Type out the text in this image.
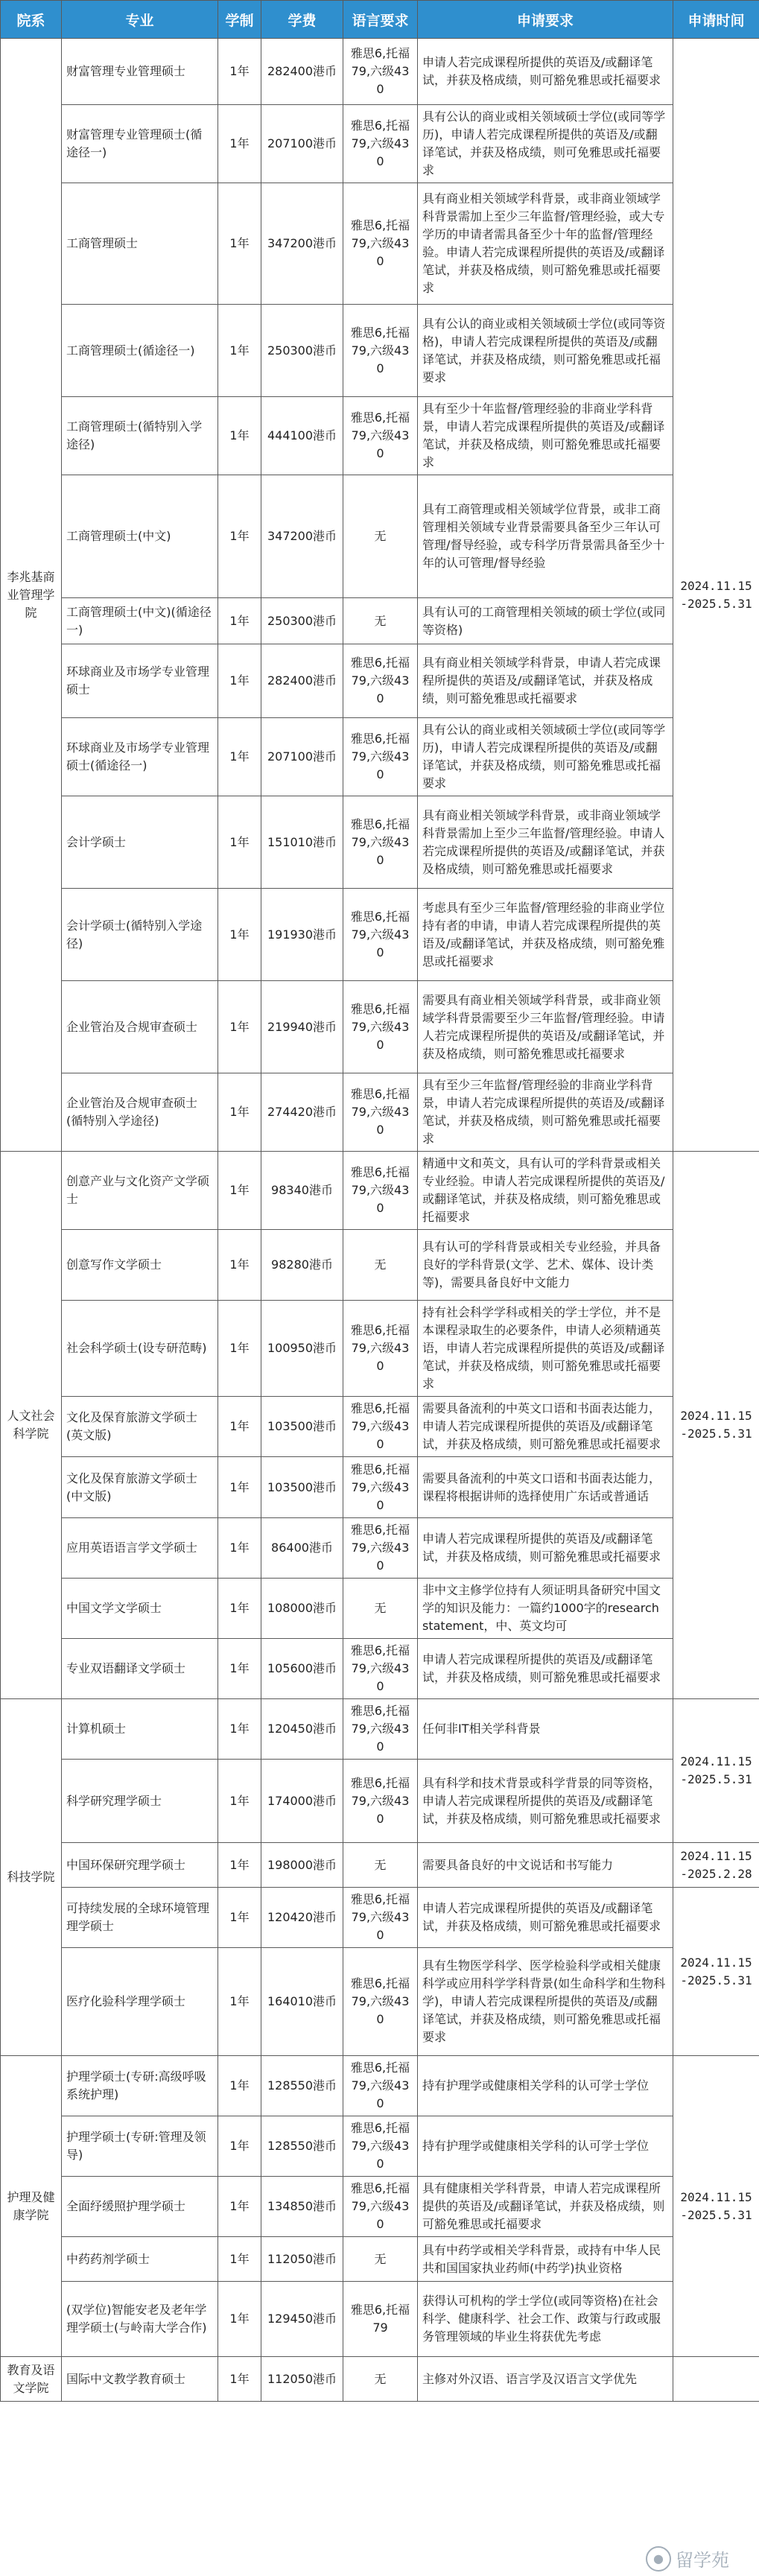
院系	专业	学制	学费	语言要求	申请要求	申请时间
李兆基商业管理学院	财富管理专业管理硕士	1年	282400港币	雅思6,托福79,六级430	申请人若完成课程所提供的英语及/或翻译笔试，并获及格成绩，则可豁免雅思或托福要求	2024.11.15-2025.5.31
	财富管理专业管理硕士(循途径一)	1年	207100港币	雅思6,托福79,六级430	具有公认的商业或相关领域硕士学位(或同等学历)，申请人若完成课程所提供的英语及/或翻译笔试，并获及格成绩，则可免雅思或托福要求	
	工商管理硕士	1年	347200港币	雅思6,托福79,六级430	具有商业相关领域学科背景，或非商业领域学科背景需加上至少三年监督/管理经验，或大专学历的申请者需具备至少十年的监督/管理经验。申请人若完成课程所提供的英语及/或翻译笔试，并获及格成绩，则可豁免雅思或托福要求	
	工商管理硕士(循途径一)	1年	250300港币	雅思6,托福79,六级430	具有公认的商业或相关领域硕士学位(或同等资格)，申请人若完成课程所提供的英语及/或翻译笔试，并获及格成绩，则可豁免雅思或托福要求	
	工商管理硕士(循特别入学途径)	1年	444100港币	雅思6,托福79,六级430	具有至少十年监督/管理经验的非商业学科背景，申请人若完成课程所提供的英语及/或翻译笔试，并获及格成绩，则可豁免雅思或托福要求	
	工商管理硕士(中文)	1年	347200港币	无	具有工商管理或相关领域学位背景，或非工商管理相关领域专业背景需要具备至少三年认可管理/督导经验，或专科学历背景需具备至少十年的认可管理/督导经验	
	工商管理硕士(中文)(循途径一)	1年	250300港币	无	具有认可的工商管理相关领域的硕士学位(或同等资格)	
	环球商业及市场学专业管理硕士	1年	282400港币	雅思6,托福79,六级430	具有商业相关领域学科背景，申请人若完成课程所提供的英语及/或翻译笔试，并获及格成绩，则可豁免雅思或托福要求	
	环球商业及市场学专业管理硕士(循途径一)	1年	207100港币	雅思6,托福79,六级430	具有公认的商业或相关领域硕士学位(或同等学历)，申请人若完成课程所提供的英语及/或翻译笔试，并获及格成绩，则可豁免雅思或托福要求	
	会计学硕士	1年	151010港币	雅思6,托福79,六级430	具有商业相关领域学科背景，或非商业领域学科背景需加上至少三年监督/管理经验。申请人若完成课程所提供的英语及/或翻译笔试，并获及格成绩，则可豁免雅思或托福要求	
	会计学硕士(循特别入学途径)	1年	191930港币	雅思6,托福79,六级430	考虑具有至少三年监督/管理经验的非商业学位持有者的申请，申请人若完成课程所提供的英语及/或翻译笔试，并获及格成绩，则可豁免雅思或托福要求	
	企业管治及合规审查硕士	1年	219940港币	雅思6,托福79,六级430	需要具有商业相关领域学科背景，或非商业领域学科背景需要至少三年监督/管理经验。申请人若完成课程所提供的英语及/或翻译笔试，并获及格成绩，则可豁免雅思或托福要求	
	企业管治及合规审查硕士(循特别入学途径)	1年	274420港币	雅思6,托福79,六级430	具有至少三年监督/管理经验的非商业学科背景，申请人若完成课程所提供的英语及/或翻译笔试，并获及格成绩，则可豁免雅思或托福要求	
人文社会科学院	创意产业与文化资产文学硕士	1年	98340港币	雅思6,托福79,六级430	精通中文和英文，具有认可的学科背景或相关专业经验。申请人若完成课程所提供的英语及/或翻译笔试，并获及格成绩，则可豁免雅思或托福要求	2024.11.15-2025.5.31
	创意写作文学硕士	1年	98280港币	无	具有认可的学科背景或相关专业经验，并具备良好的学科背景(文学、艺术、媒体、设计类等)，需要具备良好中文能力	
	社会科学硕士(设专研范畴)	1年	100950港币	雅思6,托福79,六级430	持有社会科学学科或相关的学士学位，并不是本课程录取生的必要条件，申请人必须精通英语，申请人若完成课程所提供的英语及/或翻译笔试，并获及格成绩，则可豁免雅思或托福要求	
	文化及保育旅游文学硕士(英文版)	1年	103500港币	雅思6,托福79,六级430	需要具备流利的中英文口语和书面表达能力，申请人若完成课程所提供的英语及/或翻译笔试，并获及格成绩，则可豁免雅思或托福要求	
	文化及保育旅游文学硕士(中文版)	1年	103500港币	雅思6,托福79,六级430	需要具备流利的中英文口语和书面表达能力，课程将根据讲师的选择使用广东话或普通话	
	应用英语语言学文学硕士	1年	86400港币	雅思6,托福79,六级430	申请人若完成课程所提供的英语及/或翻译笔试，并获及格成绩，则可豁免雅思或托福要求	
	中国文学文学硕士	1年	108000港币	无	非中文主修学位持有人须证明具备研究中国文学的知识及能力：一篇约1000字的research statement，中、英文均可	
	专业双语翻译文学硕士	1年	105600港币	雅思6,托福79,六级430	申请人若完成课程所提供的英语及/或翻译笔试，并获及格成绩，则可豁免雅思或托福要求	
科技学院	计算机硕士	1年	120450港币	雅思6,托福79,六级430	任何非IT相关学科背景	2024.11.15-2025.5.31
	科学研究理学硕士	1年	174000港币	雅思6,托福79,六级430	具有科学和技术背景或科学背景的同等资格，申请人若完成课程所提供的英语及/或翻译笔试，并获及格成绩，则可豁免雅思或托福要求	
	中国环保研究理学硕士	1年	198000港币	无	需要具备良好的中文说话和书写能力	2024.11.15-2025.2.28
	可持续发展的全球环境管理理学硕士	1年	120420港币	雅思6,托福79,六级430	申请人若完成课程所提供的英语及/或翻译笔试，并获及格成绩，则可豁免雅思或托福要求	2024.11.15-2025.5.31
	医疗化验科学理学硕士	1年	164010港币	雅思6,托福79,六级430	具有生物医学科学、医学检验科学或相关健康科学或应用科学学科背景(如生命科学和生物科学)，申请人若完成课程所提供的英语及/或翻译笔试，并获及格成绩，则可豁免雅思或托福要求	
护理及健康学院	护理学硕士(专研:高级呼吸系统护理)	1年	128550港币	雅思6,托福79,六级430	持有护理学或健康相关学科的认可学士学位	2024.11.15-2025.5.31
	护理学硕士(专研:管理及领导)	1年	128550港币	雅思6,托福79,六级430	持有护理学或健康相关学科的认可学士学位	
	全面纾缓照护理学硕士	1年	134850港币	雅思6,托福79,六级430	具有健康相关学科背景，申请人若完成课程所提供的英语及/或翻译笔试，并获及格成绩，则可豁免雅思或托福要求	
	中药药剂学硕士	1年	112050港币	无	具有中药学或相关学科背景，或持有中华人民共和国国家执业药师(中药学)执业资格	
	(双学位)智能安老及老年学理学硕士(与岭南大学合作)	1年	129450港币	雅思6,托福79	获得认可机构的学士学位(或同等资格)在社会科学、健康科学、社会工作、政策与行政或服务管理领域的毕业生将获优先考虑	
教育及语文学院	国际中文教学教育硕士	1年	112050港币	无	主修对外汉语、语言学及汉语言文学优先	
● 留学苑
